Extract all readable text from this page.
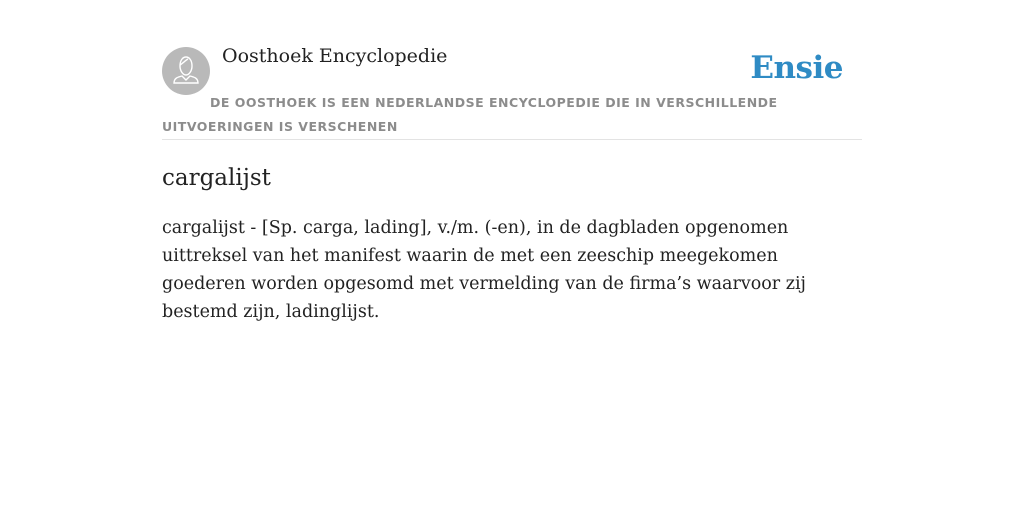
Oosthoek Encyclopedie	Ensie

DE OOSTHOEK IS EEN NEDERLANDSE ENCYCLOPEDIE DIE IN VERSCHILLENDE UITVOERINGEN IS VERSCHENEN

cargalijst

cargalijst - [Sp. carga, lading], v./m. (-en), in de dagbladen opgenomen uittreksel van het manifest waarin de met een zeeschip meegekomen goederen worden opgesomd met vermelding van de firma’s waarvoor zij bestemd zijn, ladinglijst.
